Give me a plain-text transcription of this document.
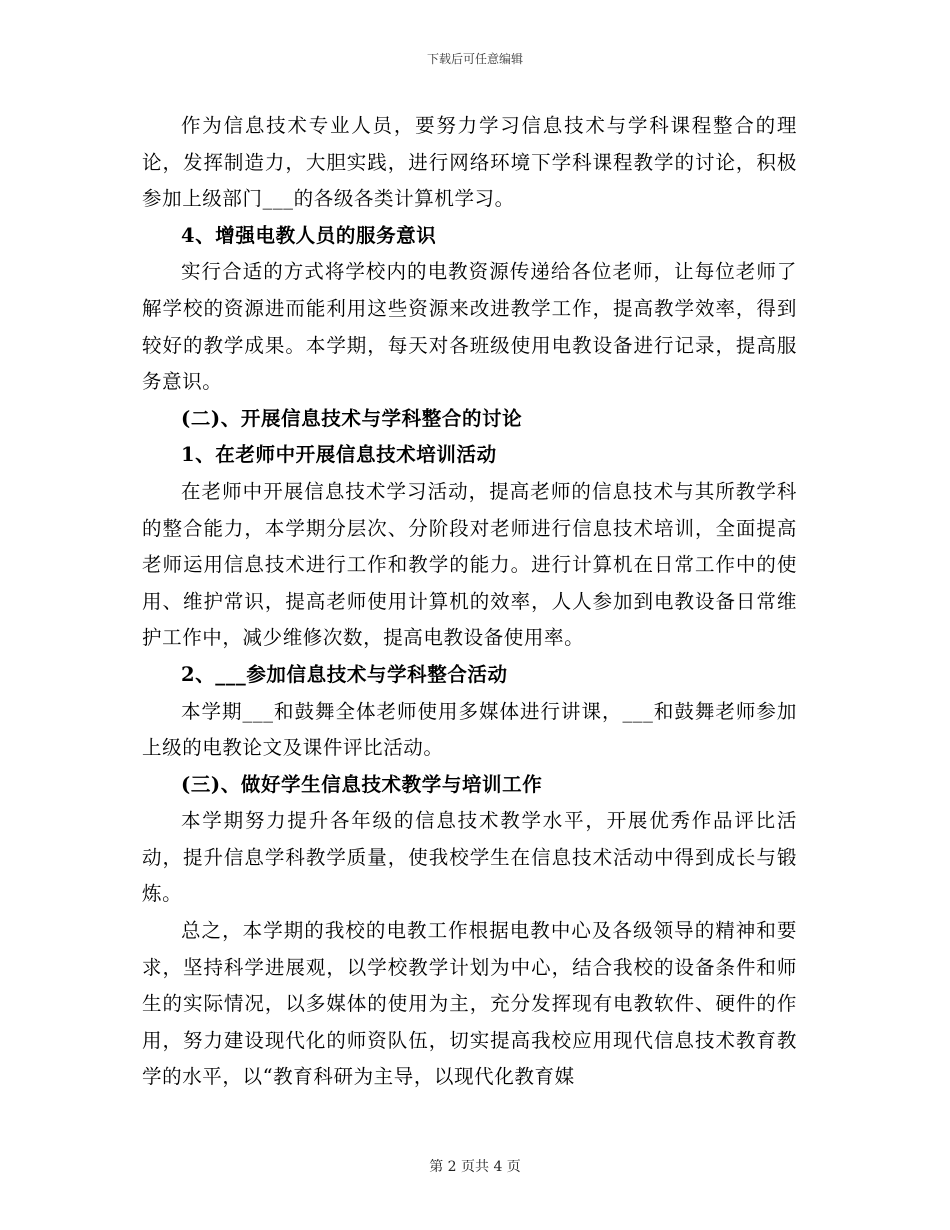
下载后可任意编辑

作为信息技术专业人员，要努力学习信息技术与学科课程整合的理论，发挥制造力，大胆实践，进行网络环境下学科课程教学的讨论，积极参加上级部门___的各级各类计算机学习。

4、增强电教人员的服务意识

实行合适的方式将学校内的电教资源传递给各位老师，让每位老师了解学校的资源进而能利用这些资源来改进教学工作，提高教学效率，得到较好的教学成果。本学期，每天对各班级使用电教设备进行记录，提高服务意识。

(二)、开展信息技术与学科整合的讨论

1、在老师中开展信息技术培训活动

在老师中开展信息技术学习活动，提高老师的信息技术与其所教学科的整合能力，本学期分层次、分阶段对老师进行信息技术培训，全面提高老师运用信息技术进行工作和教学的能力。进行计算机在日常工作中的使用、维护常识，提高老师使用计算机的效率，人人参加到电教设备日常维护工作中，减少维修次数，提高电教设备使用率。

2、___参加信息技术与学科整合活动

本学期___和鼓舞全体老师使用多媒体进行讲课，___和鼓舞老师参加上级的电教论文及课件评比活动。

(三)、做好学生信息技术教学与培训工作

本学期努力提升各年级的信息技术教学水平，开展优秀作品评比活动，提升信息学科教学质量，使我校学生在信息技术活动中得到成长与锻炼。

总之，本学期的我校的电教工作根据电教中心及各级领导的精神和要求，坚持科学进展观，以学校教学计划为中心，结合我校的设备条件和师生的实际情况，以多媒体的使用为主，充分发挥现有电教软件、硬件的作用，努力建设现代化的师资队伍，切实提高我校应用现代信息技术教育教学的水平，以“教育科研为主导，以现代化教育媒

第 2 页共 4 页
